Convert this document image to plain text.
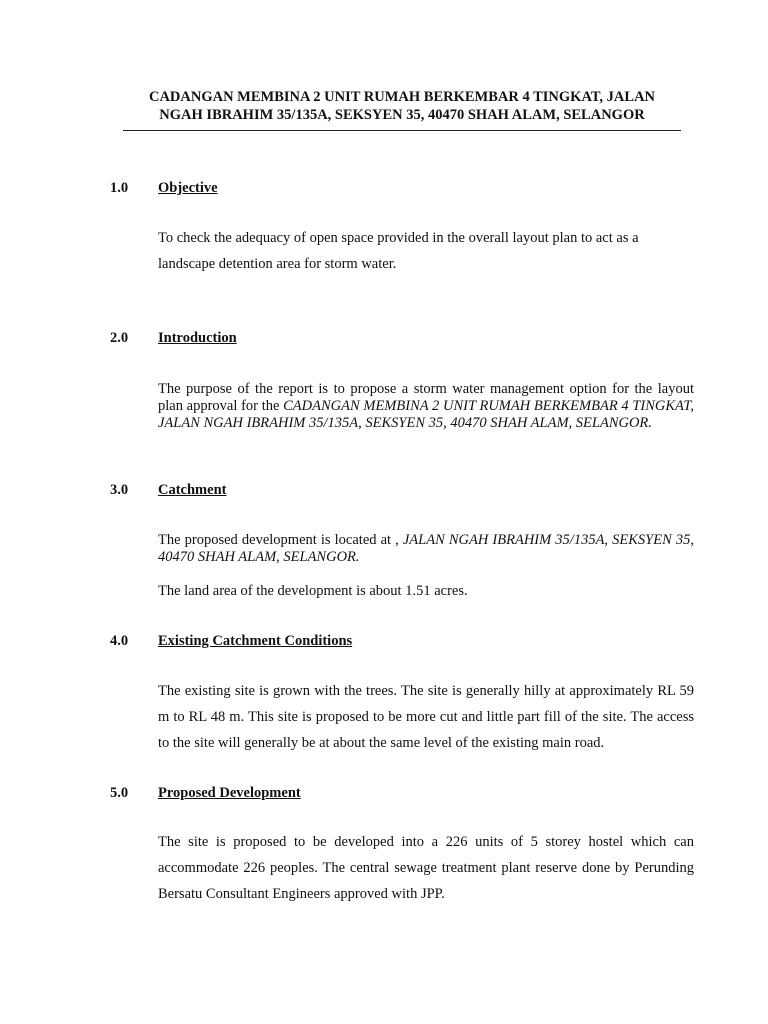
CADANGAN MEMBINA 2 UNIT RUMAH BERKEMBAR 4 TINGKAT, JALAN
NGAH IBRAHIM 35/135A, SEKSYEN 35, 40470 SHAH ALAM, SELANGOR
1.0 Objective
To check the adequacy of open space provided in the overall layout plan to act as a landscape detention area for storm water.
2.0 Introduction
The purpose of the report is to propose a storm water management option for the layout plan approval for the CADANGAN MEMBINA 2 UNIT RUMAH BERKEMBAR 4 TINGKAT, JALAN NGAH IBRAHIM 35/135A, SEKSYEN 35, 40470 SHAH ALAM, SELANGOR.
3.0 Catchment
The proposed development is located at , JALAN NGAH IBRAHIM 35/135A, SEKSYEN 35, 40470 SHAH ALAM, SELANGOR.
The land area of the development is about 1.51 acres.
4.0 Existing Catchment Conditions
The existing site is grown with the trees. The site is generally hilly at approximately RL 59 m to RL 48 m. This site is proposed to be more cut and little part fill of the site. The access to the site will generally be at about the same level of the existing main road.
5.0 Proposed Development
The site is proposed to be developed into a 226 units of 5 storey hostel which can accommodate 226 peoples. The central sewage treatment plant reserve done by Perunding Bersatu Consultant Engineers approved with JPP.
